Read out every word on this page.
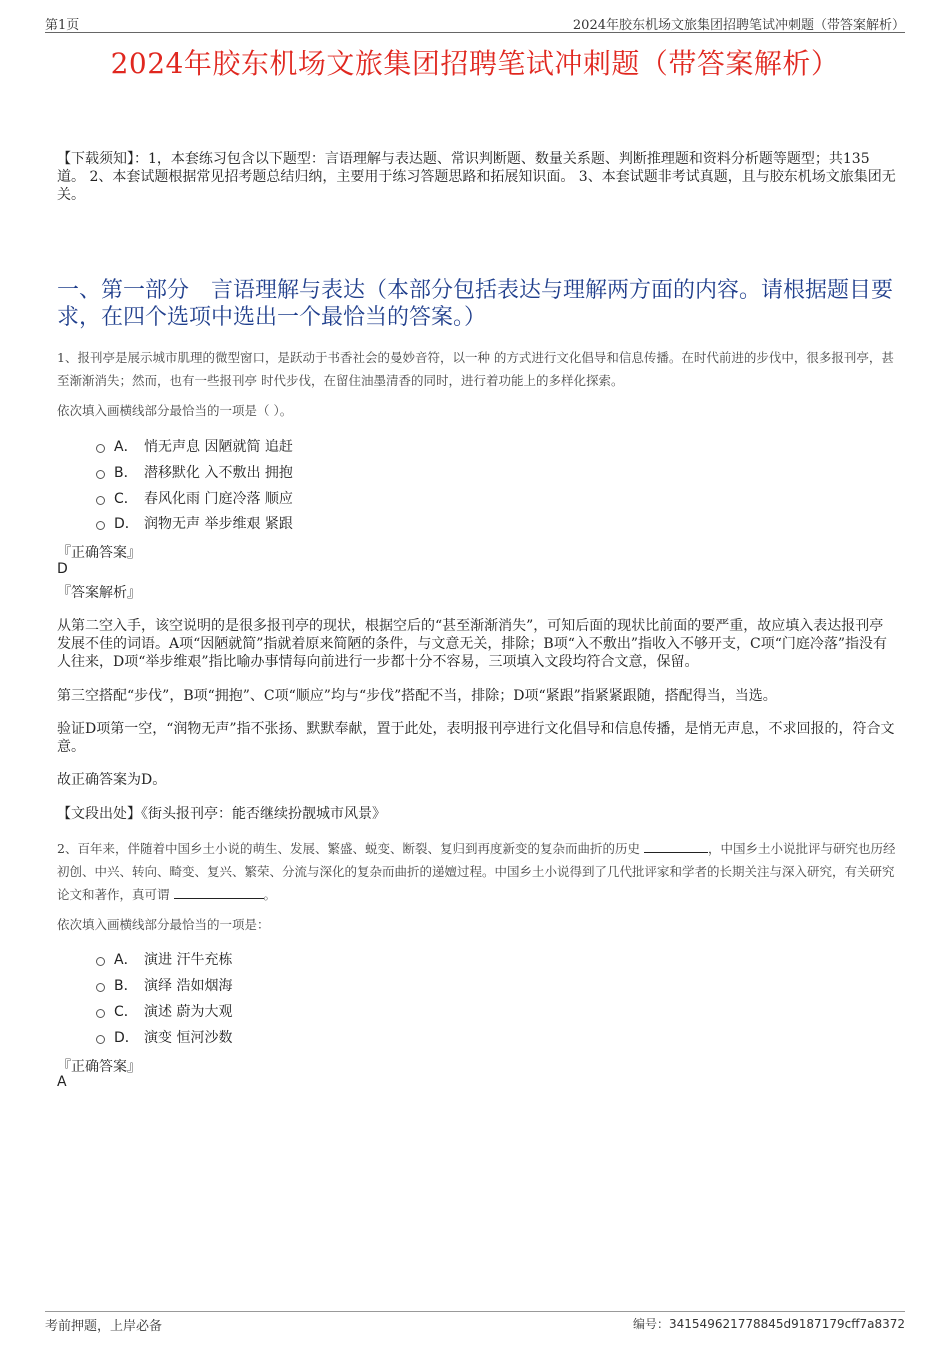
第1页	2024年胶东机场文旅集团招聘笔试冲刺题（带答案解析）
2024年胶东机场文旅集团招聘笔试冲刺题（带答案解析）
【下载须知】：1，本套练习包含以下题型：言语理解与表达题、常识判断题、数量关系题、判断推理题和资料分析题等题型；共135道。 2、本套试题根据常见招考题总结归纳，主要用于练习答题思路和拓展知识面。 3、本套试题非考试真题，且与胶东机场文旅集团无关。
一、第一部分　言语理解与表达（本部分包括表达与理解两方面的内容。请根据题目要求，在四个选项中选出一个最恰当的答案。）
1、报刊亭是展示城市肌理的微型窗口，是跃动于书香社会的曼妙音符，以一种 的方式进行文化倡导和信息传播。在时代前进的步伐中，很多报刊亭，甚至渐渐消失；然而，也有一些报刊亭 时代步伐，在留住油墨清香的同时，进行着功能上的多样化探索。
依次填入画横线部分最恰当的一项是（ ）。
A． 悄无声息 因陋就简 追赶
B． 潜移默化 入不敷出 拥抱
C． 春风化雨 门庭冷落 顺应
D． 润物无声 举步维艰 紧跟
『正确答案』
D
『答案解析』
从第二空入手，该空说明的是很多报刊亭的现状，根据空后的“甚至渐渐消失”，可知后面的现状比前面的要严重，故应填入表达报刊亭发展不佳的词语。A项“因陋就简”指就着原来简陋的条件，与文意无关，排除；B项“入不敷出”指收入不够开支，C项“门庭冷落”指没有人往来，D项“举步维艰”指比喻办事情每向前进行一步都十分不容易，三项填入文段均符合文意，保留。
第三空搭配“步伐”，B项“拥抱”、C项“顺应”均与“步伐”搭配不当，排除；D项“紧跟”指紧紧跟随，搭配得当，当选。
验证D项第一空，“润物无声”指不张扬、默默奉献，置于此处，表明报刊亭进行文化倡导和信息传播，是悄无声息，不求回报的，符合文意。
故正确答案为D。
【文段出处】《街头报刊亭：能否继续扮靓城市风景》
2、百年来，伴随着中国乡土小说的萌生、发展、繁盛、蜕变、断裂、复归到再度新变的复杂而曲折的历史	，中国乡土小说批评与研究也历经初创、中兴、转向、畸变、复兴、繁荣、分流与深化的复杂而曲折的递嬗过程。中国乡土小说得到了几代批评家和学者的长期关注与深入研究，有关研究论文和著作，真可谓	。
依次填入画横线部分最恰当的一项是：
A． 演进 汗牛充栋
B． 演绎 浩如烟海
C． 演述 蔚为大观
D． 演变 恒河沙数
『正确答案』
A
考前押题，上岸必备	编号：341549621778845d9187179cff7a8372
